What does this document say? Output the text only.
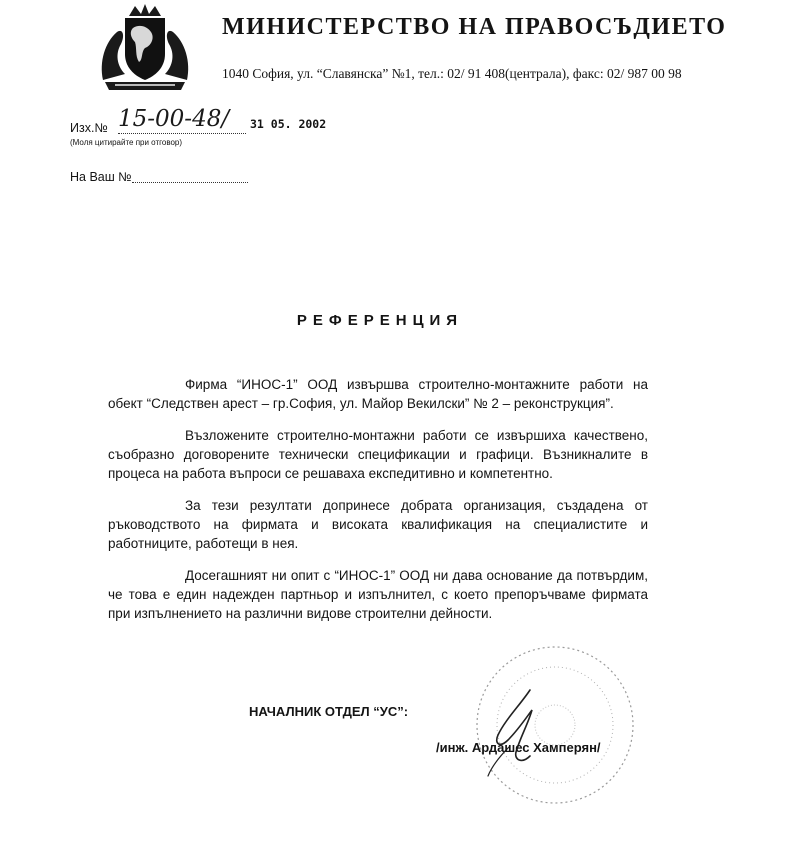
МИНИСТЕРСТВО НА ПРАВОСЪДИЕТО
1040 София, ул. “Славянска” №1, тел.: 02/ 91 408(централа), факс: 02/ 987 00 98
Изх.№ 15-00-48/ 31 05. 2002
(Моля цитирайте при отговор)
На Ваш №
РЕФЕРЕНЦИЯ
Фирма “ИНОС-1” ООД извършва строително-монтажните работи на обект “Следствен арест – гр.София, ул. Майор Векилски” № 2 – реконструкция”.
Възложените строително-монтажни работи се извършиха качествено, съобразно договорените технически спецификации и графици. Възникналите в процеса на работа въпроси се решаваха експедитивно и компетентно.
За тези резултати допринесе добрата организация, създадена от ръководството на фирмата и високата квалификация на специалистите и работниците, работещи в нея.
Досегашният ни опит с “ИНОС-1” ООД ни дава основание да потвърдим, че това е един надежден партньор и изпълнител, с което препоръчваме фирмата при изпълнението на различни видове строителни дейности.
НАЧАЛНИК ОТДЕЛ “УС”:
/инж. Ардашес Хамперян/
